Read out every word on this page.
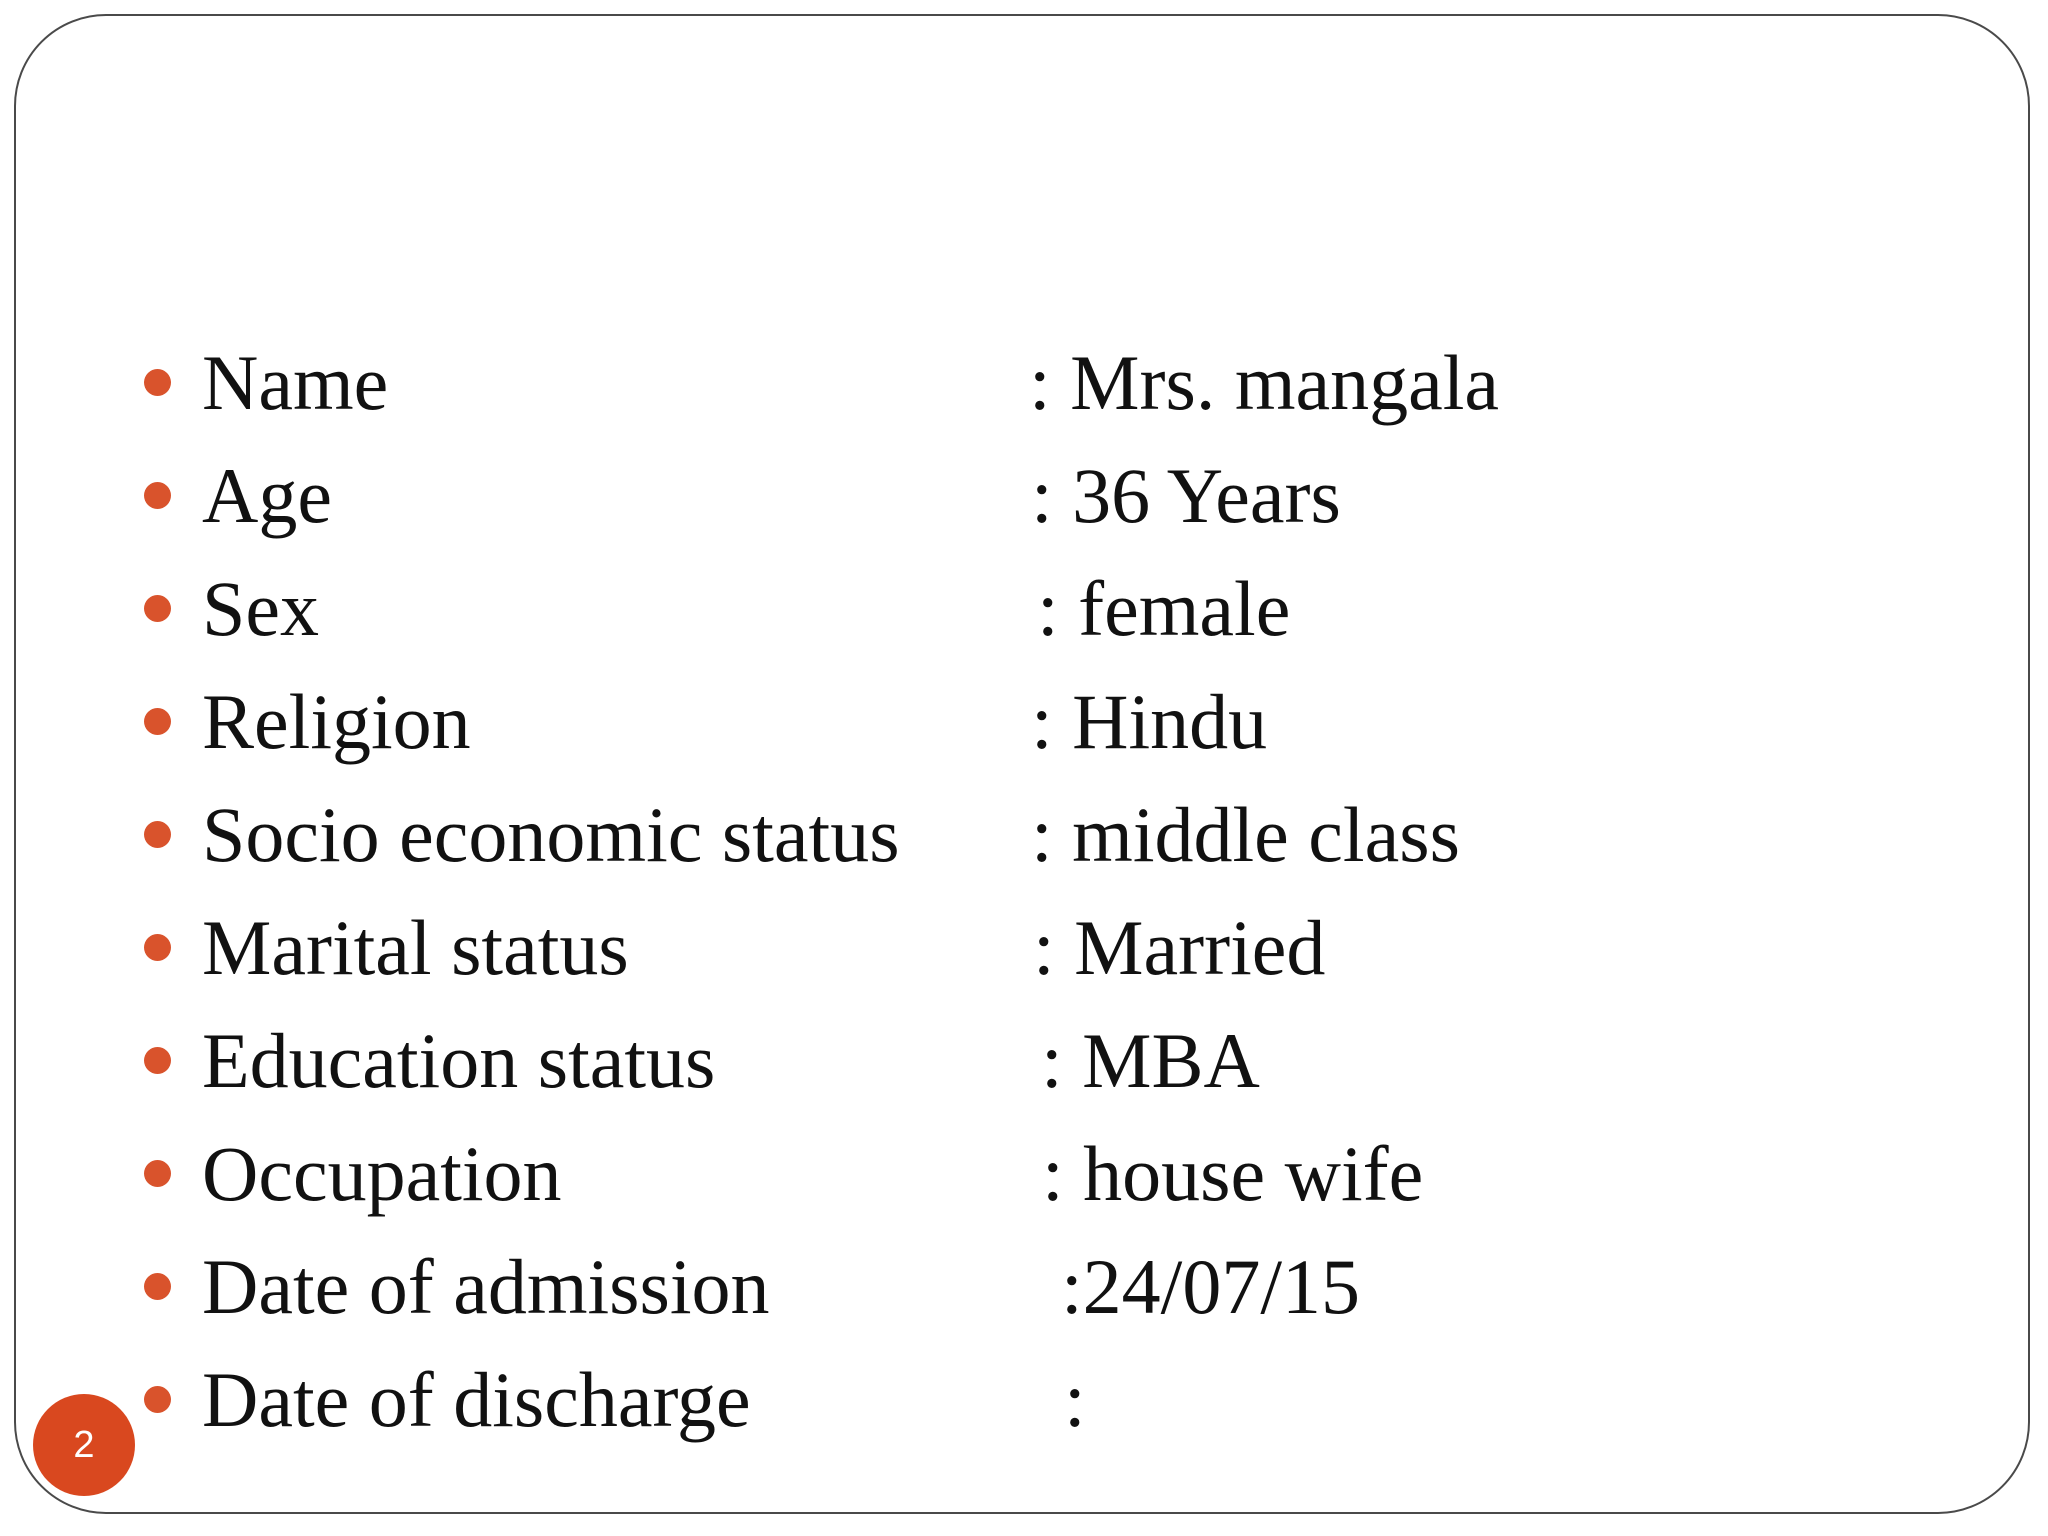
Name	: Mrs. mangala
Age	: 36 Years
Sex	: female
Religion	: Hindu
Socio economic status : middle class
Marital status	: Married
Education status	: MBA
Occupation	: house wife
Date of admission	:24/07/15
Date of discharge	:
2
